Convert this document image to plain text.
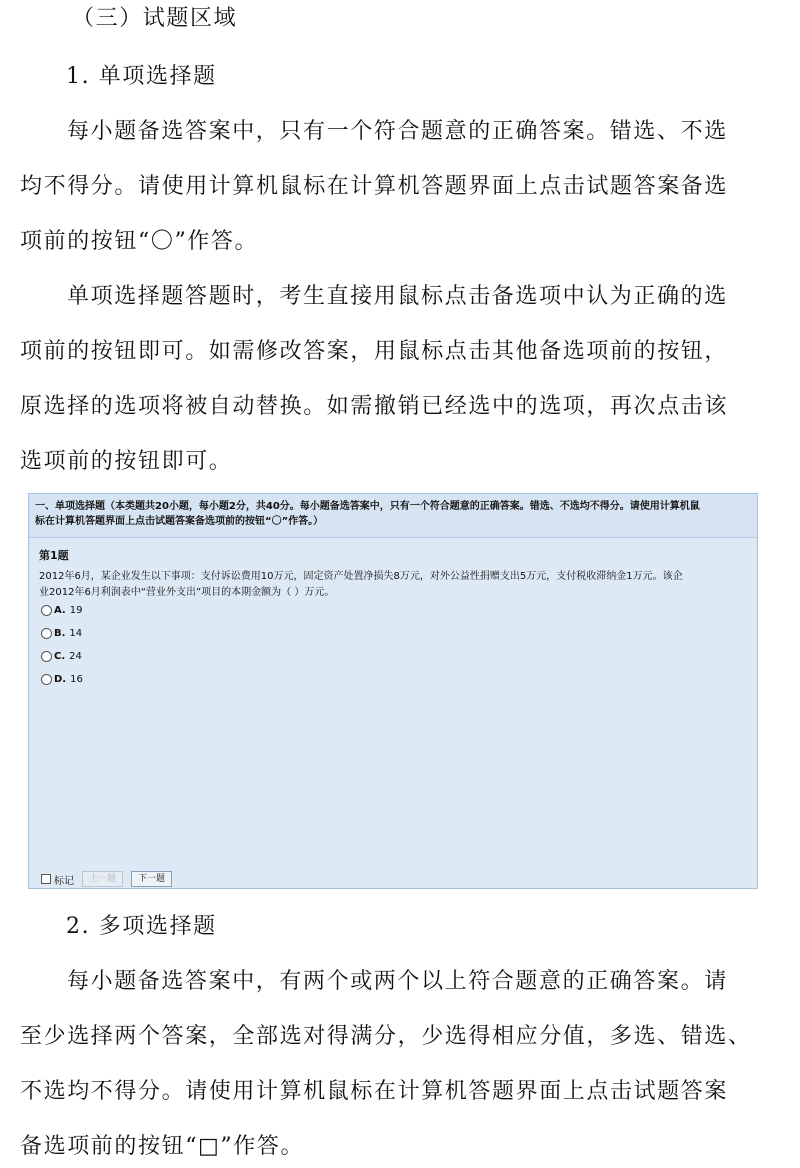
（三）试题区域
1. 单项选择题
每小题备选答案中，只有一个符合题意的正确答案。错选、不选
均不得分。请使用计算机鼠标在计算机答题界面上点击试题答案备选
项前的按钮“〇”作答。
单项选择题答题时，考生直接用鼠标点击备选项中认为正确的选
项前的按钮即可。如需修改答案，用鼠标点击其他备选项前的按钮，
原选择的选项将被自动替换。如需撤销已经选中的选项，再次点击该
选项前的按钮即可。
一、单项选择题（本类题共20小题，每小题2分，共40分。每小题备选答案中，只有一个符合题意的正确答案。错选、不选均不得分。请使用计算机鼠
标在计算机答题界面上点击试题答案备选项前的按钮“〇”作答。）
第1题
2012年6月，某企业发生以下事项：支付诉讼费用10万元，固定资产处置净损失8万元，对外公益性捐赠支出5万元，支付税收滞纳金1万元。该企
业2012年6月利润表中“营业外支出”项目的本期金额为（ ）万元。
A. 19
B. 14
C. 24
D. 16
标记	上一题	下一题
2. 多项选择题
每小题备选答案中，有两个或两个以上符合题意的正确答案。请
至少选择两个答案，全部选对得满分，少选得相应分值，多选、错选、
不选均不得分。请使用计算机鼠标在计算机答题界面上点击试题答案
备选项前的按钮“□”作答。
